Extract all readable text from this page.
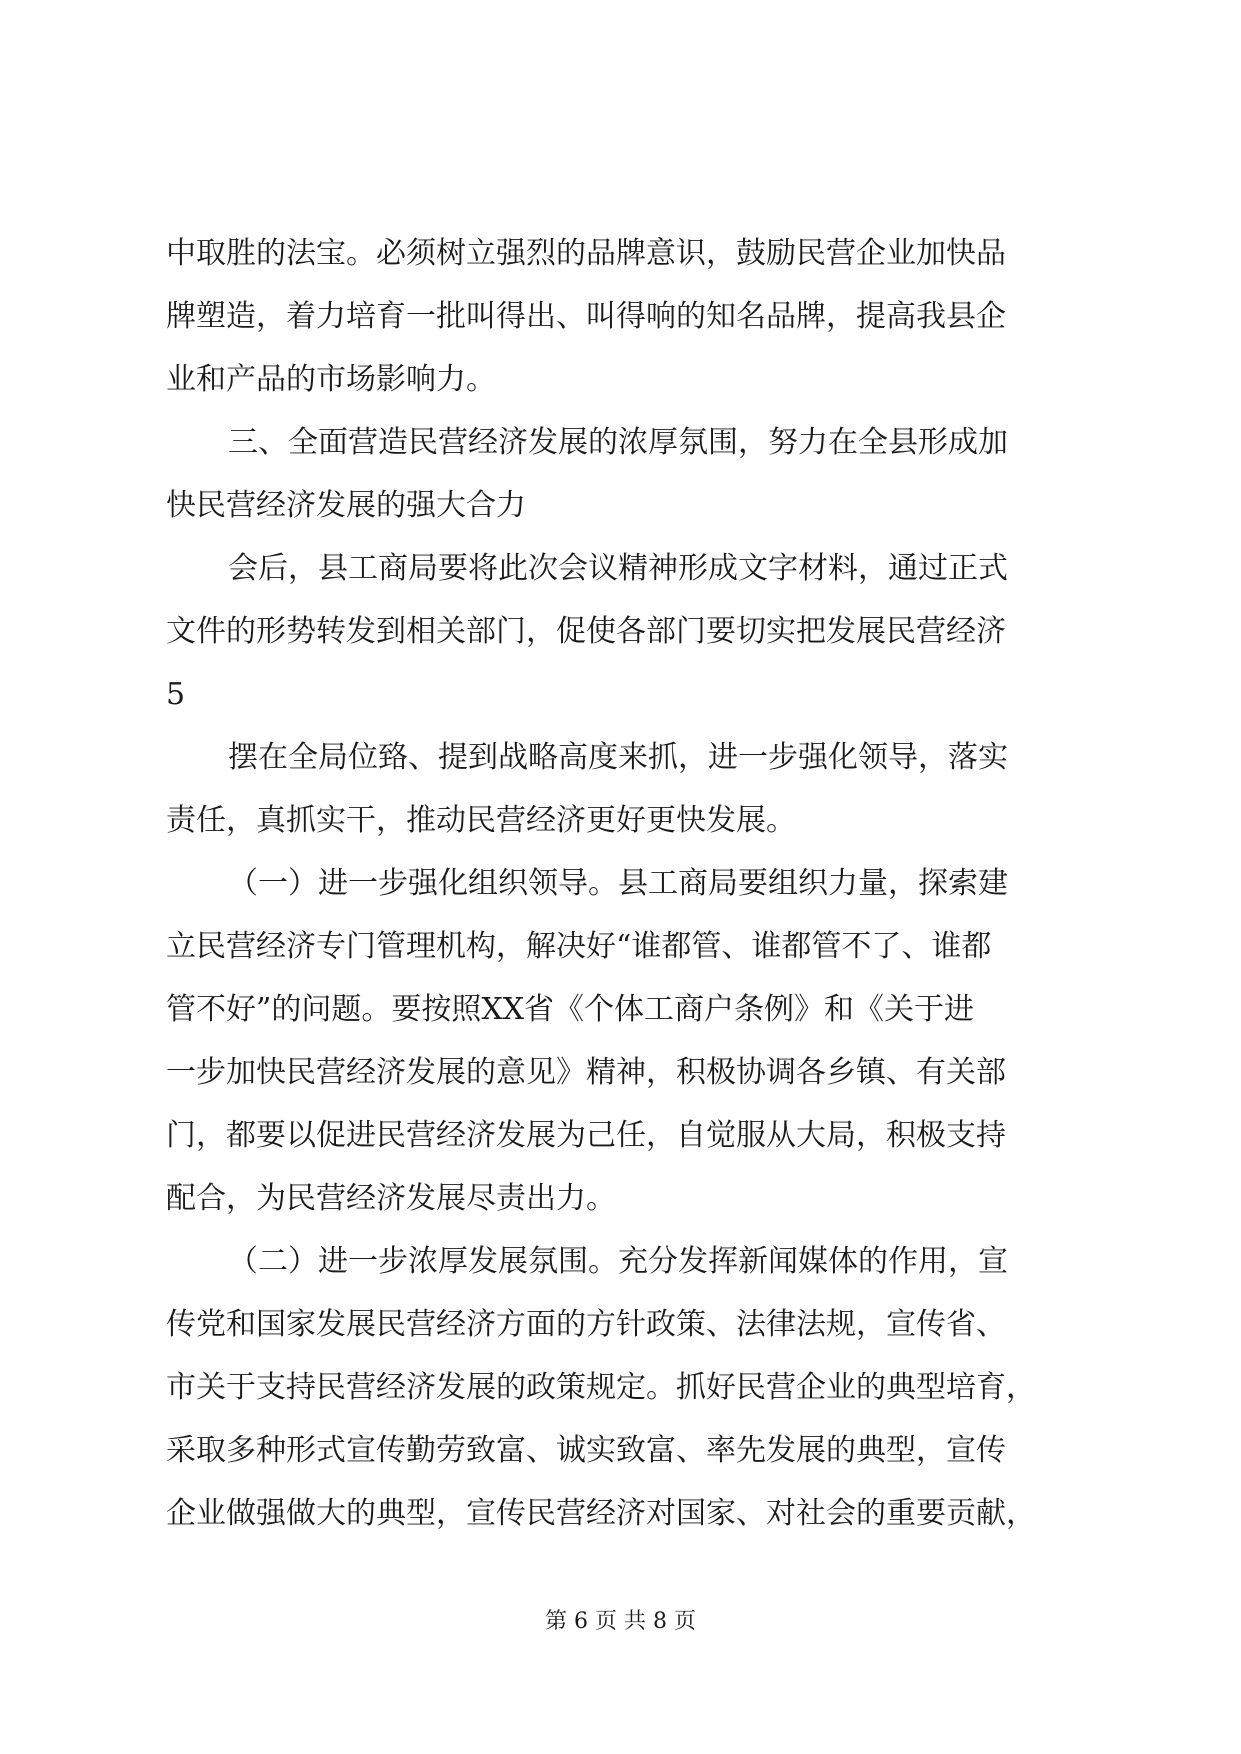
中取胜的法宝。必须树立强烈的品牌意识，鼓励民营企业加快品
牌塑造，着力培育一批叫得出、叫得响的知名品牌，提高我县企
业和产品的市场影响力。
三、全面营造民营经济发展的浓厚氛围，努力在全县形成加
快民营经济发展的强大合力
会后，县工商局要将此次会议精神形成文字材料，通过正式
文件的形势转发到相关部门，促使各部门要切实把发展民营经济
5
摆在全局位臵、提到战略高度来抓，进一步强化领导，落实
责任，真抓实干，推动民营经济更好更快发展。
（一）进一步强化组织领导。县工商局要组织力量，探索建
立民营经济专门管理机构，解决好“谁都管、谁都管不了、谁都
管不好”的问题。要按照XX省《个体工商户条例》和《关于进
一步加快民营经济发展的意见》精神，积极协调各乡镇、有关部
门，都要以促进民营经济发展为己任，自觉服从大局，积极支持
配合，为民营经济发展尽责出力。
（二）进一步浓厚发展氛围。充分发挥新闻媒体的作用，宣
传党和国家发展民营经济方面的方针政策、法律法规，宣传省、
市关于支持民营经济发展的政策规定。抓好民营企业的典型培育，
采取多种形式宣传勤劳致富、诚实致富、率先发展的典型，宣传
企业做强做大的典型，宣传民营经济对国家、对社会的重要贡献，
第 6 页 共 8 页
